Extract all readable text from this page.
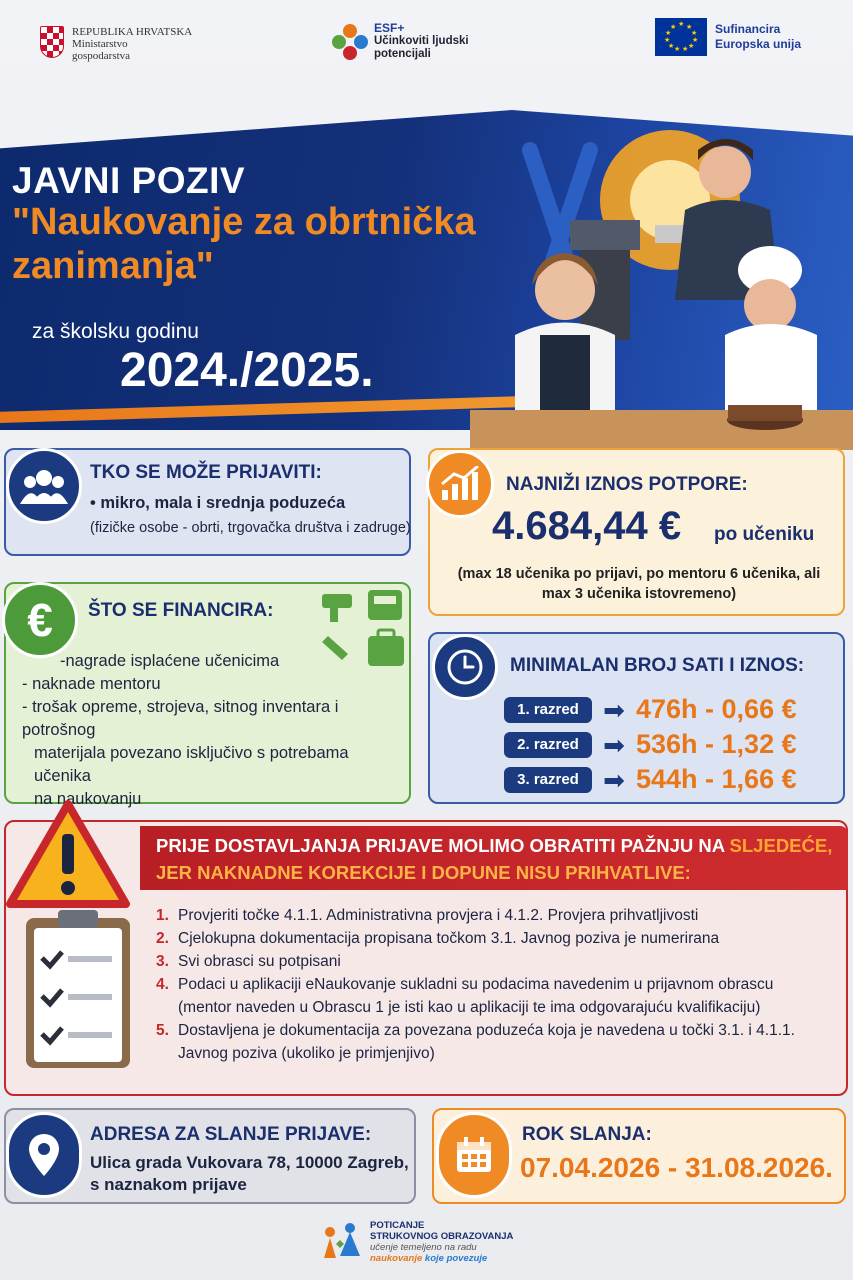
REPUBLIKA HRVATSKA
Ministarstvo
gospodarstva
ESF+
Učinkoviti ljudski
potencijali
★ ★
★
★
★
★
★
★
★
★
★	Sufinancira
Europska unija
JAVNI POZIV
"Naukovanje za obrtnička zanimanja"
za školsku godinu
2024./2025.
TKO SE MOŽE PRIJAVITI:
• mikro, mala i srednja poduzeća
(fizičke osobe - obrti, trgovačka društva i zadruge)
NAJNIŽI IZNOS POTPORE:
4.684,44 € po učeniku
(max 18 učenika po prijavi, po mentoru 6 učenika, ali max 3 učenika istovremeno)
€	ŠTO SE FINANCIRA:
-nagrade isplaćene učenicima
- naknade mentoru
- trošak opreme, strojeva, sitnog inventara i potrošnog
materijala povezano isključivo s potrebama učenika
na naukovanju
MINIMALAN BROJ SATI I IZNOS:
1. razred ➡ 476h - 0,66 €
2. razred ➡ 536h - 1,32 €
3. razred ➡ 544h - 1,66 €
PRIJE DOSTAVLJANJA PRIJAVE MOLIMO OBRATITI PAŽNJU NA SLJEDEĆE,
JER NAKNADNE KOREKCIJE I DOPUNE NISU PRIHVATLIVE:
1. Provjeriti točke 4.1.1. Administrativna provjera i 4.1.2. Provjera prihvatljivosti
2. Cjelokupna dokumentacija propisana točkom 3.1. Javnog poziva je numerirana
3. Svi obrasci su potpisani
4. Podaci u aplikaciji eNaukovanje sukladni su podacima navedenim u prijavnom obrascu
(mentor naveden u Obrascu 1 je isti kao u aplikaciji te ima odgovarajuću kvalifikaciju)
5. Dostavljena je dokumentacija za povezana poduzeća koja je navedena u točki 3.1. i 4.1.1.
Javnog poziva (ukoliko je primjenjivo)
ADRESA ZA SLANJE PRIJAVE:
Ulica grada Vukovara 78, 10000 Zagreb,
s naznakom prijave
ROK SLANJA:
07.04.2026 - 31.08.2026.
POTICANJE
STRUKOVNOG OBRAZOVANJA
učenje temeljeno na radu
naukovanje koje povezuje
